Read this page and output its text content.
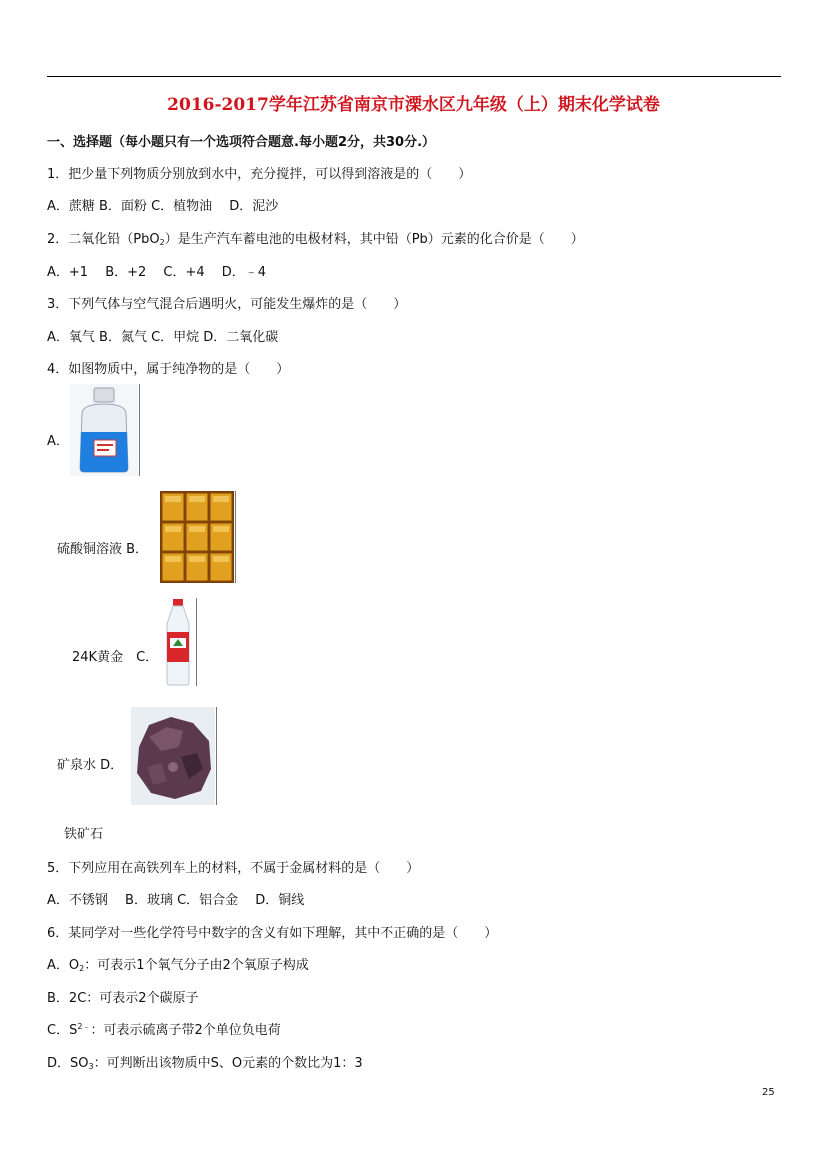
2016-2017学年江苏省南京市溧水区九年级（上）期末化学试卷
一、选择题（每小题只有一个选项符合题意.每小题2分，共30分.）
1．把少量下列物质分别放到水中，充分搅拌，可以得到溶液是的（　　）
A．蔗糖 B．面粉 C．植物油　 D．泥沙
2．二氧化铅（PbO$_2$）是生产汽车蓄电池的电极材料，其中铅（Pb）元素的化合价是（　　）
A．+1　 B．+2　 C．+4　 D．﹣4
3．下列气体与空气混合后遇明火，可能发生爆炸的是（　　）
A．氧气 B．氮气 C．甲烷 D．二氧化碳
4．如图物质中，属于纯净物的是（　　）
A．
硫酸铜溶液 B．
24K黄金　C．
矿泉水 D．
铁矿石
5．下列应用在高铁列车上的材料，不属于金属材料的是（　　）
A．不锈钢　 B．玻璃 C．铝合金　 D．铜线
6．某同学对一些化学符号中数字的含义有如下理解，其中不正确的是（　　）
A．$O_2$：可表示1个氧气分子由2个氧原子构成
B．2C：可表示2个碳原子
C．$S^{2﹣}$：可表示硫离子带2个单位负电荷
D．$SO_3$：可判断出该物质中S、O元素的个数比为1：3
25
